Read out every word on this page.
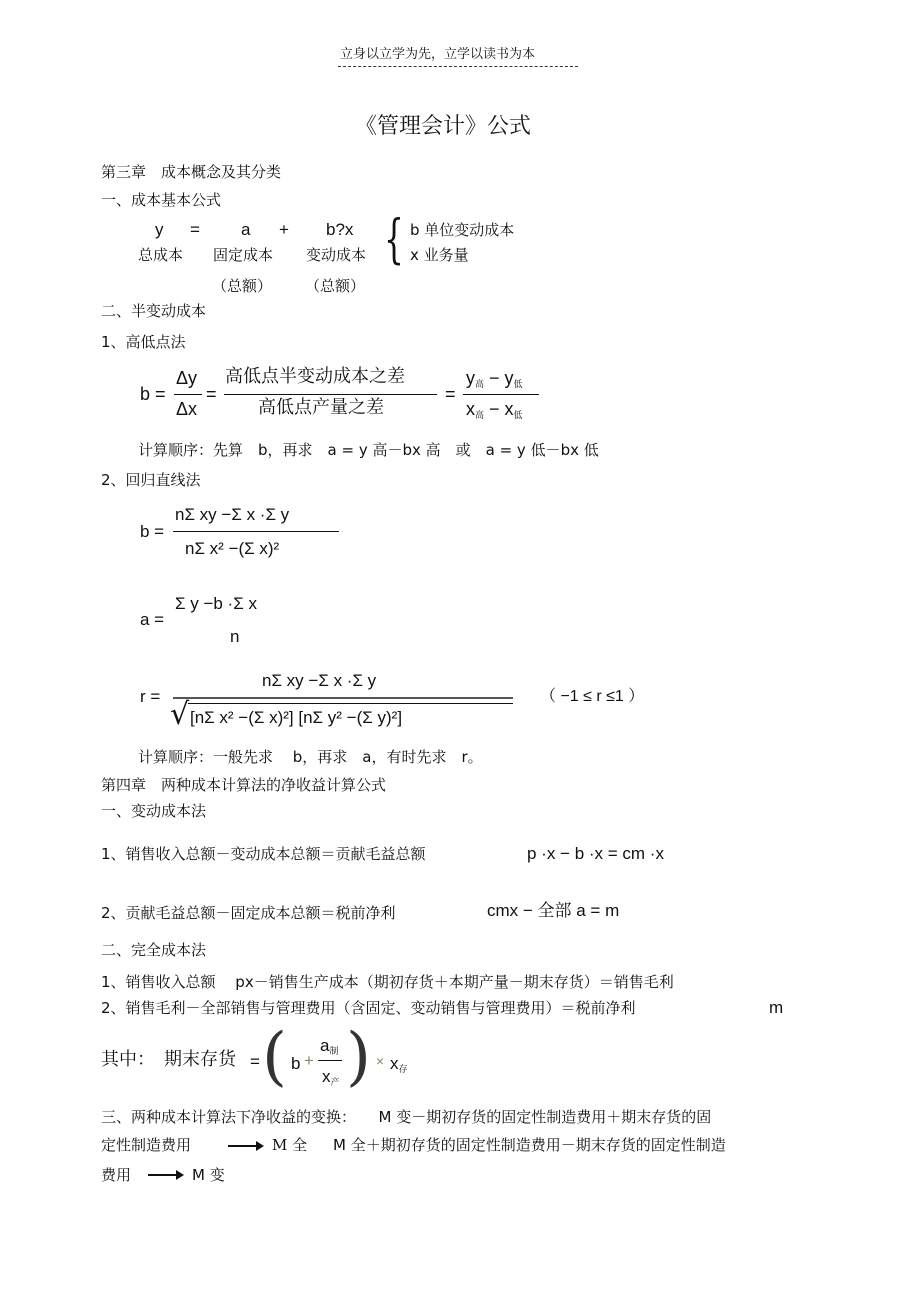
立身以立学为先，立学以读书为本
《管理会计》公式
第三章　成本概念及其分类
一、成本基本公式
y = a + b?x
总成本 固定成本 变动成本 { b 单位变动成本
x 业务量
（总额） （总额）
二、半变动成本
1、高低点法
b =
Δy
Δx
=
高低点半变动成本之差
高低点产量之差
=
$y_高 - y_低$
$x_高 - x_低$
计算顺序：先算　b，再求　a = y 高－bx 高　或　a = y 低－bx 低
2、回归直线法
b =
nΣ xy −Σ x ·Σ y
nΣ x² −(Σ x)²
a =
Σ y −b ·Σ x
n
r =
nΣ xy −Σ x ·Σ y
√ [nΣ x² −(Σ x)²] [nΣ y² −(Σ y)²]
（ −1 ≤ r ≤1 ）
计算顺序：一般先求　 b，再求　a，有时先求　r。
第四章　两种成本计算法的净收益计算公式
一、变动成本法
1、销售收入总额－变动成本总额＝贡献毛益总额	p ·x − b ·x = cm ·x
2、贡献毛益总额－固定成本总额＝税前净利	cmx − 全部 a = m
二、完全成本法
1、销售收入总额　 px－销售生产成本（期初存货＋本期产量－期末存货）＝销售毛利
2、销售毛利－全部销售与管理费用（含固定、变动销售与管理费用）＝税前净利	m
其中：　期末存货 = ( b +
$a_制$
$x_产$ ) × $x_存$
三、两种成本计算法下净收益的变换：　　M 变－期初存货的固定性制造费用＋期末存货的固
定性制造费用	M 全 M 全＋期初存货的固定性制造费用－期末存货的固定性制造
费用	M 变
